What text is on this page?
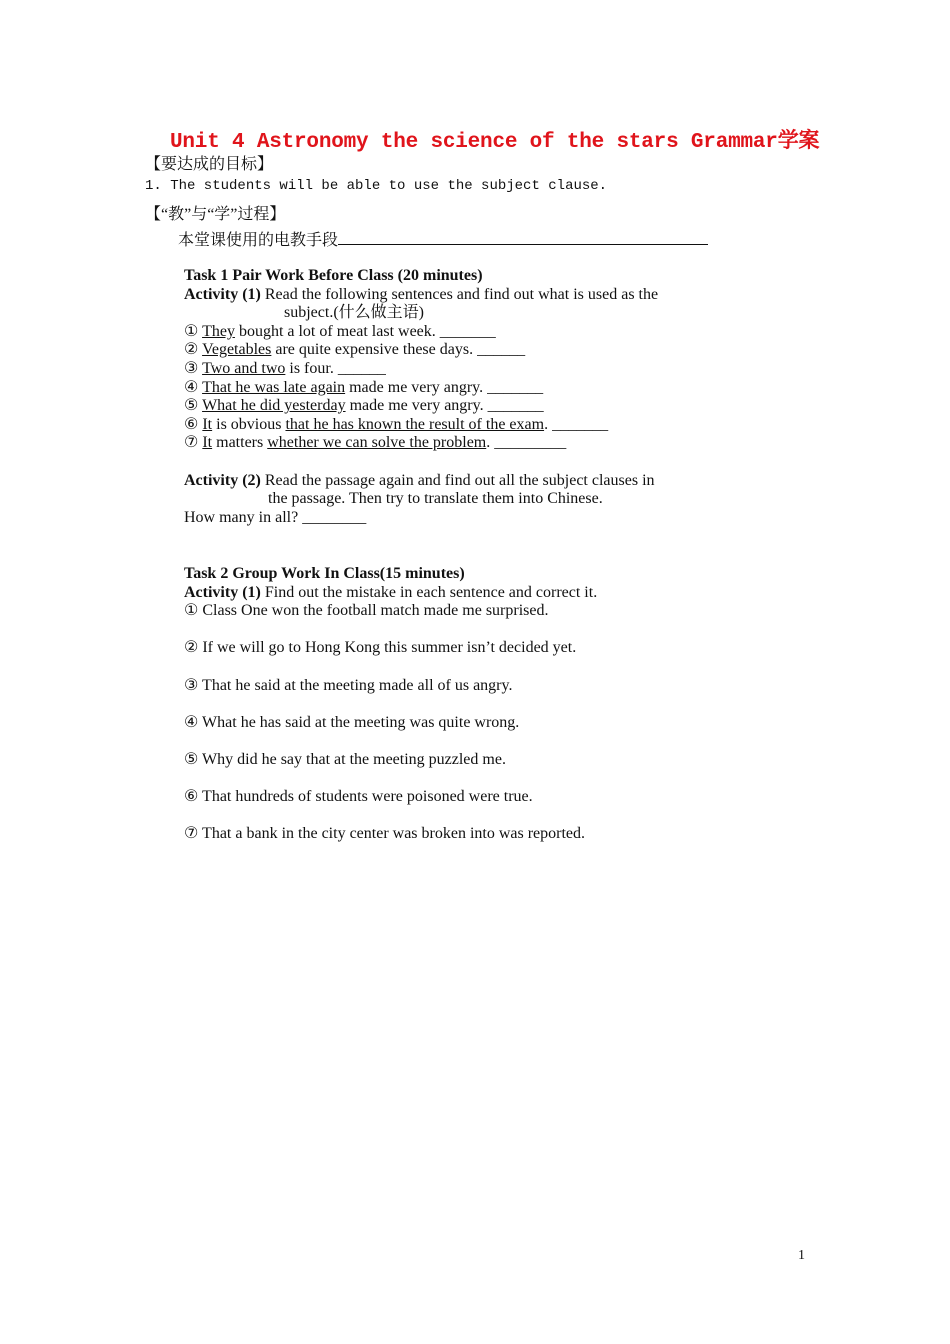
Unit 4 Astronomy the science of the stars Grammar学案
【要达成的目标】
1. The students will be able to use the subject clause.
【“教”与“学”过程】
本堂课使用的电教手段
Task 1 Pair Work Before Class (20 minutes)
Activity (1) Read the following sentences and find out what is used as the
subject.(什么做主语)
① They bought a lot of meat last week. _______
② Vegetables are quite expensive these days. ______
③ Two and two is four. ______
④ That he was late again made me very angry. _______
⑤ What he did yesterday made me very angry. _______
⑥ It is obvious that he has known the result of the exam. _______
⑦ It matters whether we can solve the problem. _________
Activity (2) Read the passage again and find out all the subject clauses in
the passage. Then try to translate them into Chinese.
How many in all? ________
Task 2 Group Work In Class(15 minutes)
Activity (1) Find out the mistake in each sentence and correct it.
① Class One won the football match made me surprised.
② If we will go to Hong Kong this summer isn’t decided yet.
③ That he said at the meeting made all of us angry.
④ What he has said at the meeting was quite wrong.
⑤ Why did he say that at the meeting puzzled me.
⑥ That hundreds of students were poisoned were true.
⑦ That a bank in the city center was broken into was reported.
1
